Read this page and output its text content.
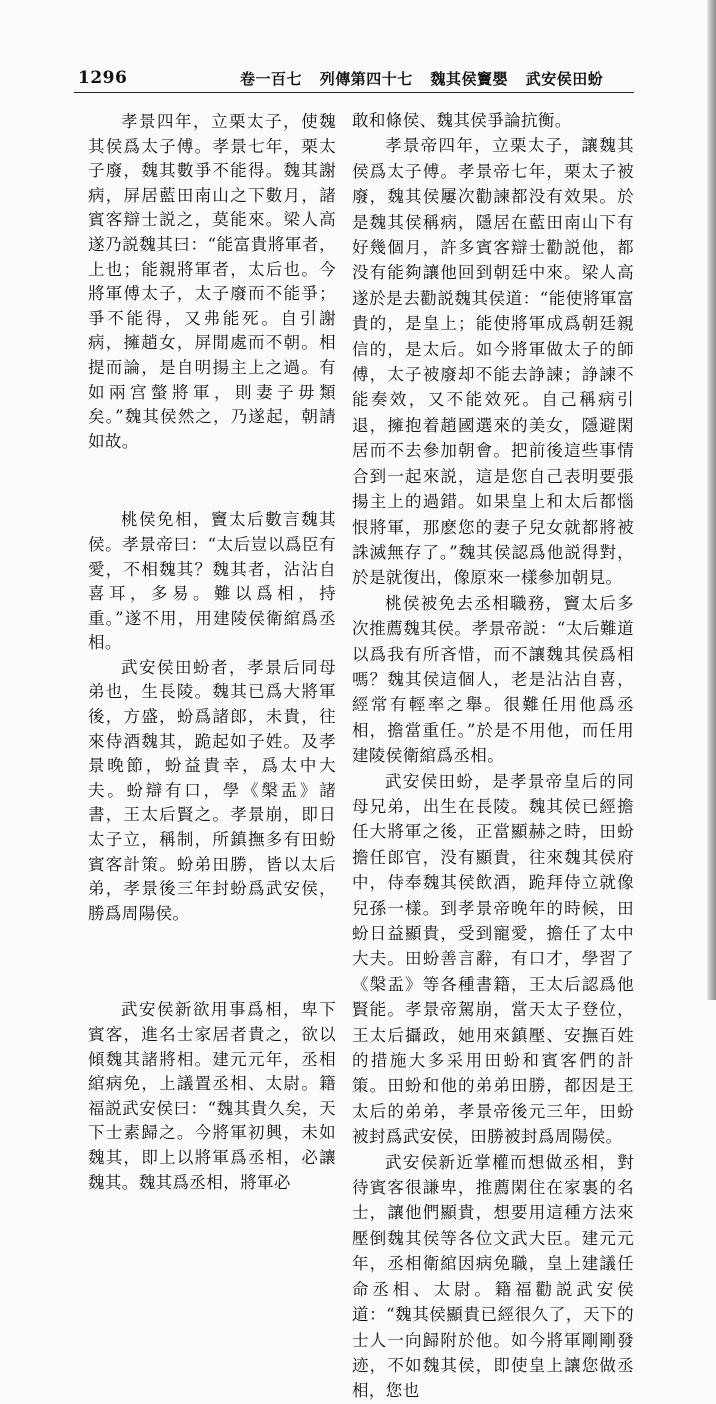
1296	卷一百七 列傳第四十七 魏其侯竇嬰 武安侯田蚡

孝景四年，立栗太子，使魏其侯爲太子傅。孝景七年，栗太子廢，魏其數爭不能得。魏其謝病，屏居藍田南山之下數月，諸賓客辯士説之，莫能來。梁人高遂乃説魏其曰：“能富貴將軍者，上也；能親將軍者，太后也。今將軍傅太子，太子廢而不能爭；爭不能得，又弗能死。自引謝病，擁趙女，屏閒處而不朝。相提而論，是自明揚主上之過。有如兩宫螫將軍，則妻子毋類矣。”魏其侯然之，乃遂起，朝請如故。

桃侯免相，竇太后數言魏其侯。孝景帝曰：“太后豈以爲臣有愛，不相魏其？魏其者，沾沾自喜耳，多易。難以爲相，持重。”遂不用，用建陵侯衛綰爲丞相。

武安侯田蚡者，孝景后同母弟也，生長陵。魏其已爲大將軍後，方盛，蚡爲諸郎，未貴，往來侍酒魏其，跪起如子姓。及孝景晚節，蚡益貴幸，爲太中大夫。蚡辯有口，學《槃盂》諸書，王太后賢之。孝景崩，即日太子立，稱制，所鎮撫多有田蚡賓客計策。蚡弟田勝，皆以太后弟，孝景後三年封蚡爲武安侯，勝爲周陽侯。

武安侯新欲用事爲相，卑下賓客，進名士家居者貴之，欲以傾魏其諸將相。建元元年，丞相綰病免，上議置丞相、太尉。籍福説武安侯曰：“魏其貴久矣，天下士素歸之。今將軍初興，未如魏其，即上以將軍爲丞相，必讓魏其。魏其爲丞相，將軍必

敢和條侯、魏其侯爭論抗衡。

孝景帝四年，立栗太子，讓魏其侯爲太子傅。孝景帝七年，栗太子被廢，魏其侯屢次勸諫都没有效果。於是魏其侯稱病，隱居在藍田南山下有好幾個月，許多賓客辯士勸説他，都没有能夠讓他回到朝廷中來。梁人高遂於是去勸説魏其侯道：“能使將軍富貴的，是皇上；能使將軍成爲朝廷親信的，是太后。如今將軍做太子的師傅，太子被廢却不能去諍諫；諍諫不能奏效，又不能效死。自己稱病引退，擁抱着趙國選來的美女，隱避閑居而不去參加朝會。把前後這些事情合到一起來説，這是您自己表明要張揚主上的過錯。如果皇上和太后都惱恨將軍，那麽您的妻子兒女就都將被誅滅無存了。”魏其侯認爲他説得對，於是就復出，像原來一樣參加朝見。

桃侯被免去丞相職務，竇太后多次推薦魏其侯。孝景帝説：“太后難道以爲我有所吝惜，而不讓魏其侯爲相嗎？魏其侯這個人，老是沾沾自喜，經常有輕率之舉。很難任用他爲丞相，擔當重任。”於是不用他，而任用建陵侯衛綰爲丞相。

武安侯田蚡，是孝景帝皇后的同母兄弟，出生在長陵。魏其侯已經擔任大將軍之後，正當顯赫之時，田蚡擔任郎官，没有顯貴，往來魏其侯府中，侍奉魏其侯飲酒，跪拜侍立就像兒孫一樣。到孝景帝晚年的時候，田蚡日益顯貴，受到寵愛，擔任了太中大夫。田蚡善言辭，有口才，學習了《槃盂》等各種書籍，王太后認爲他賢能。孝景帝駕崩，當天太子登位，王太后攝政，她用來鎮壓、安撫百姓的措施大多采用田蚡和賓客們的計策。田蚡和他的弟弟田勝，都因是王太后的弟弟，孝景帝後元三年，田蚡被封爲武安侯，田勝被封爲周陽侯。

武安侯新近掌權而想做丞相，對待賓客很謙卑，推薦閑住在家裏的名士，讓他們顯貴，想要用這種方法來壓倒魏其侯等各位文武大臣。建元元年，丞相衛綰因病免職，皇上建議任命丞相、太尉。籍福勸説武安侯道：“魏其侯顯貴已經很久了，天下的士人一向歸附於他。如今將軍剛剛發迹，不如魏其侯，即使皇上讓您做丞相，您也
